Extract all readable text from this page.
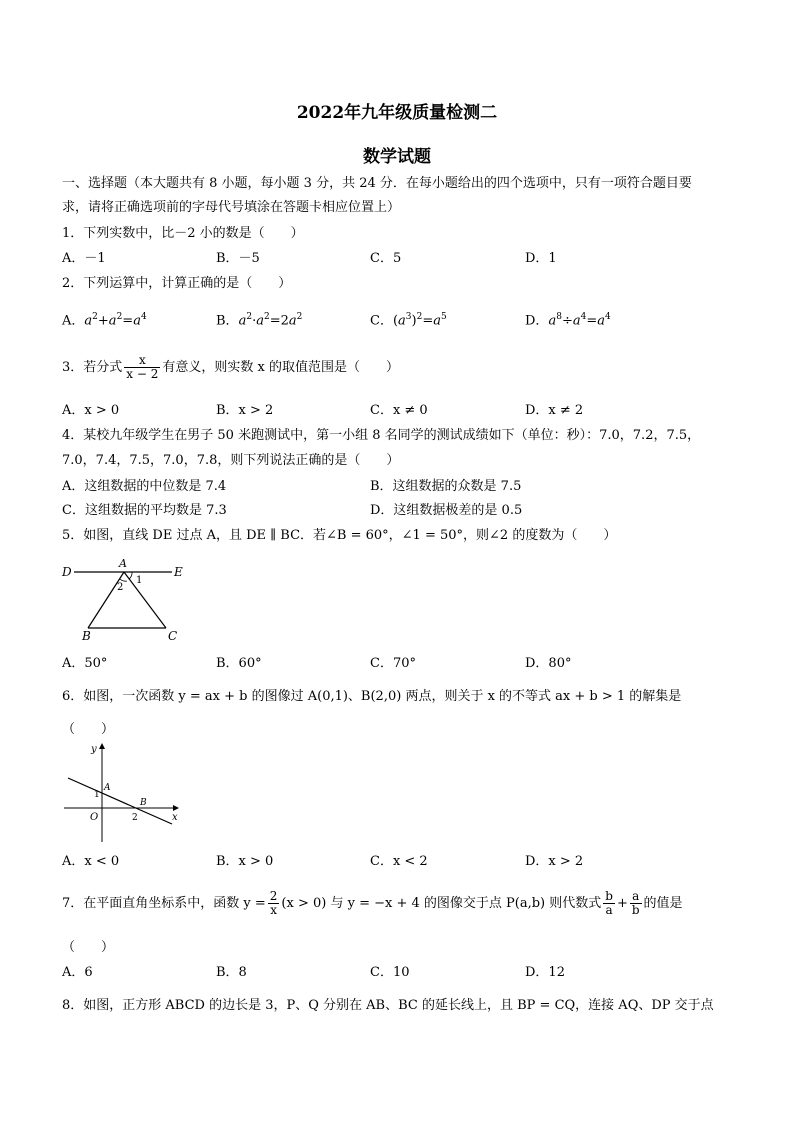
2022年九年级质量检测二
数学试题
一、选择题（本大题共有 8 小题，每小题 3 分，共 24 分．在每小题给出的四个选项中，只有一项符合题目要
求，请将正确选项前的字母代号填涂在答题卡相应位置上）
1．下列实数中，比－2 小的数是（　　）
A．－1	B．－5	C．5	D．1
2．下列运算中，计算正确的是（　　）
A．$a^2+a^2=a^4$	B．$a^2\cdot a^2=2a^2$	C．$(a^3)^2=a^5$	D．$a^8\div a^4=a^4$
3．若分式 $\frac{x}{x - 2}$ 有意义，则实数 x 的取值范围是（　　）
A．x > 0	B．x > 2	C．x ≠ 0	D．x ≠ 2
4．某校九年级学生在男子 50 米跑测试中，第一小组 8 名同学的测试成绩如下（单位：秒）：7.0，7.2，7.5，
7.0，7.4，7.5，7.0，7.8，则下列说法正确的是（　　）
A．这组数据的中位数是 7.4	B．这组数据的众数是 7.5
C．这组数据的平均数是 7.3	D．这组数据极差的是 0.5
5．如图，直线 DE 过点 A，且 DE ∥ BC．若∠B = 60°，∠1 = 50°，则∠2 的度数为（　　）
D
A
E
B	C
1
2
A．50°	B．60°	C．70°	D．80°
6．如图，一次函数 y = ax + b 的图像过 A(0,1)、B(2,0) 两点，则关于 x 的不等式 ax + b > 1 的解集是
（　　）
y
x
O
A
B
1
2
A．x < 0	B．x > 0	C．x < 2	D．x > 2
7．在平面直角坐标系中，函数 $y = \frac{2}{x} (x > 0)$ 与 y = −x + 4 的图像交于点 P(a,b) 则代数式 $\frac{b}{a} + \frac{a}{b}$ 的值是
（　　）
A．6	B．8	C．10	D．12
8．如图，正方形 ABCD 的边长是 3，P、Q 分别在 AB、BC 的延长线上，且 BP = CQ，连接 AQ、DP 交于点
